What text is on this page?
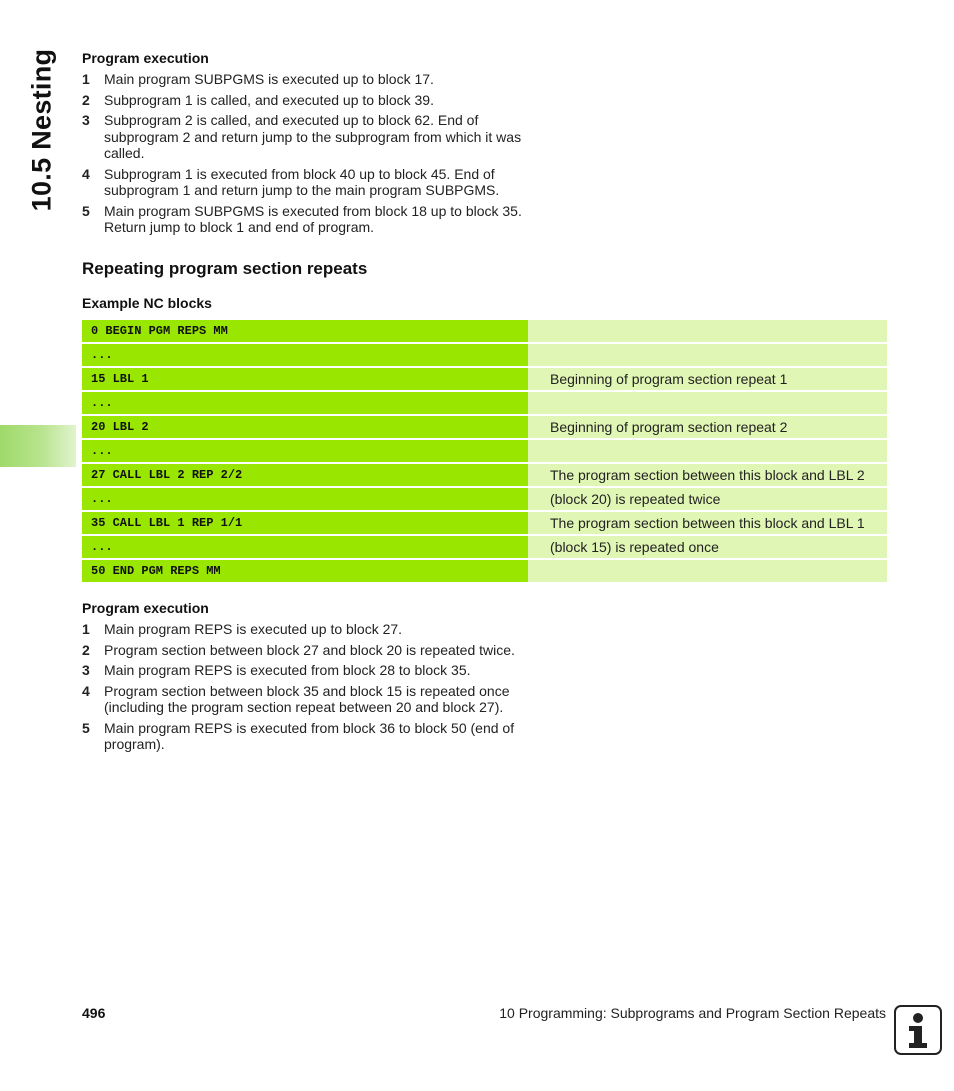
10.5 Nesting Program execution
1 Main program SUBPGMS is executed up to block 17.
2 Subprogram 1 is called, and executed up to block 39.
3 Subprogram 2 is called, and executed up to block 62. End of subprogram 2 and return jump to the subprogram from which it was called.
4 Subprogram 1 is executed from block 40 up to block 45. End of subprogram 1 and return jump to the main program SUBPGMS.
5 Main program SUBPGMS is executed from block 18 up to block 35. Return jump to block 1 and end of program.
Repeating program section repeats
Example NC blocks
0 BEGIN PGM REPS MM
...
15 LBL 1	Beginning of program section repeat 1
...
20 LBL 2	Beginning of program section repeat 2
...
27 CALL LBL 2 REP 2/2	The program section between this block and LBL 2
...	(block 20) is repeated twice
35 CALL LBL 1 REP 1/1	The program section between this block and LBL 1
...	(block 15) is repeated once
50 END PGM REPS MM
Program execution
1 Main program REPS is executed up to block 27.
2 Program section between block 27 and block 20 is repeated twice.
3 Main program REPS is executed from block 28 to block 35.
4 Program section between block 35 and block 15 is repeated once (including the program section repeat between 20 and block 27).
5 Main program REPS is executed from block 36 to block 50 (end of program).
496	10 Programming: Subprograms and Program Section Repeats
